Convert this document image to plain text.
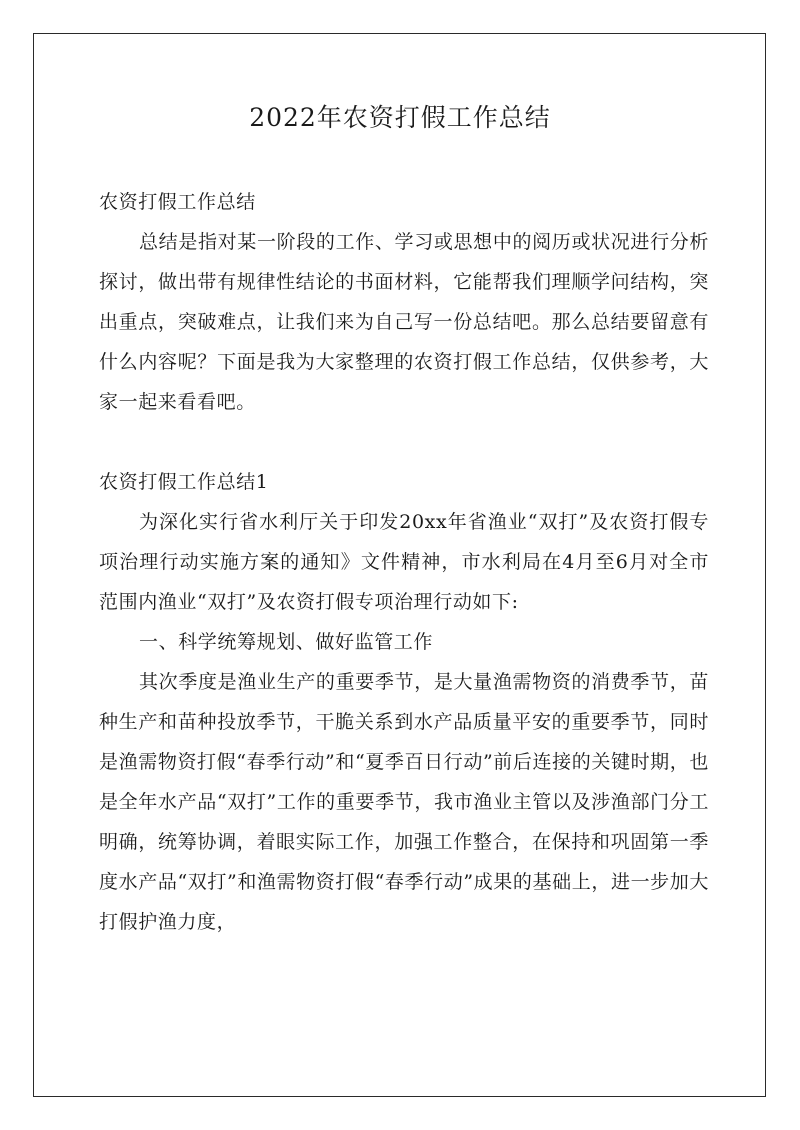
2022年农资打假工作总结

农资打假工作总结

总结是指对某一阶段的工作、学习或思想中的阅历或状况进行分析探讨，做出带有规律性结论的书面材料，它能帮我们理顺学问结构，突出重点，突破难点，让我们来为自己写一份总结吧。那么总结要留意有什么内容呢？下面是我为大家整理的农资打假工作总结，仅供参考，大家一起来看看吧。

农资打假工作总结1

为深化实行省水利厅关于印发20xx年省渔业“双打”及农资打假专项治理行动实施方案的通知》文件精神，市水利局在4月至6月对全市范围内渔业“双打”及农资打假专项治理行动如下:

一、科学统筹规划、做好监管工作

其次季度是渔业生产的重要季节，是大量渔需物资的消费季节，苗种生产和苗种投放季节，干脆关系到水产品质量平安的重要季节，同时是渔需物资打假“春季行动”和“夏季百日行动”前后连接的关键时期，也是全年水产品“双打”工作的重要季节，我市渔业主管以及涉渔部门分工明确，统筹协调，着眼实际工作，加强工作整合，在保持和巩固第一季度水产品“双打”和渔需物资打假“春季行动”成果的基础上，进一步加大打假护渔力度，
